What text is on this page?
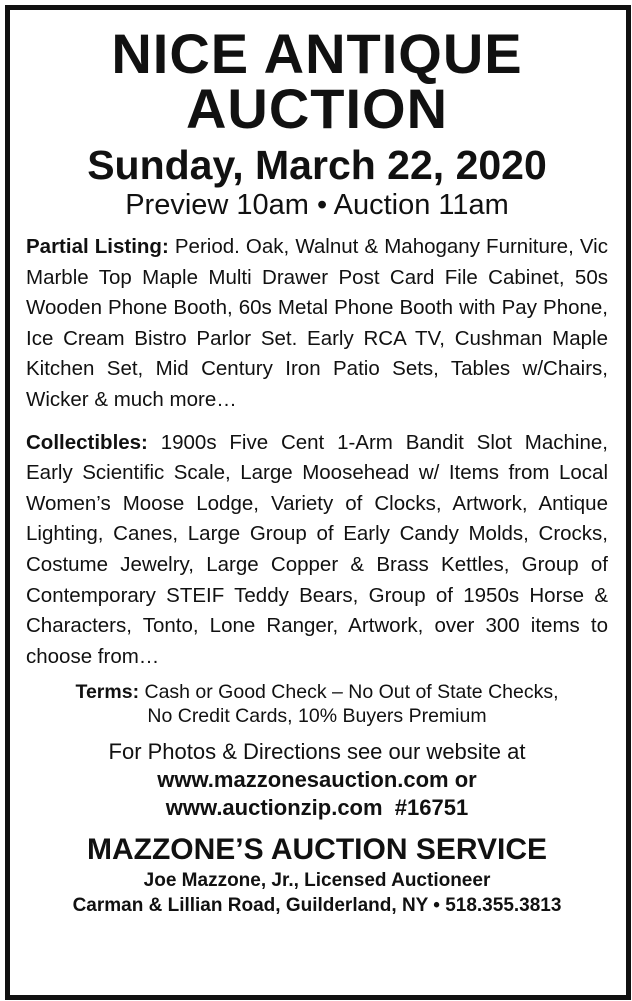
NICE ANTIQUE
AUCTION
Sunday, March 22, 2020
Preview 10am • Auction 11am
Partial Listing: Period. Oak, Walnut & Mahogany Furniture, Vic Marble Top Maple Multi Drawer Post Card File Cabinet, 50s Wooden Phone Booth, 60s Metal Phone Booth with Pay Phone, Ice Cream Bistro Parlor Set. Early RCA TV, Cushman Maple Kitchen Set, Mid Century Iron Patio Sets, Tables w/Chairs, Wicker & much more…
Collectibles: 1900s Five Cent 1-Arm Bandit Slot Machine, Early Scientific Scale, Large Moosehead w/ Items from Local Women’s Moose Lodge, Variety of Clocks, Artwork, Antique Lighting, Canes, Large Group of Early Candy Molds, Crocks, Costume Jewelry, Large Copper & Brass Kettles, Group of Contemporary STEIF Teddy Bears, Group of 1950s Horse & Characters, Tonto, Lone Ranger, Artwork, over 300 items to choose from…
Terms: Cash or Good Check – No Out of State Checks,
No Credit Cards, 10% Buyers Premium
For Photos & Directions see our website at
www.mazzonesauction.com or
www.auctionzip.com  #16751
MAZZONE’S AUCTION SERVICE
Joe Mazzone, Jr., Licensed Auctioneer
Carman & Lillian Road, Guilderland, NY • 518.355.3813
